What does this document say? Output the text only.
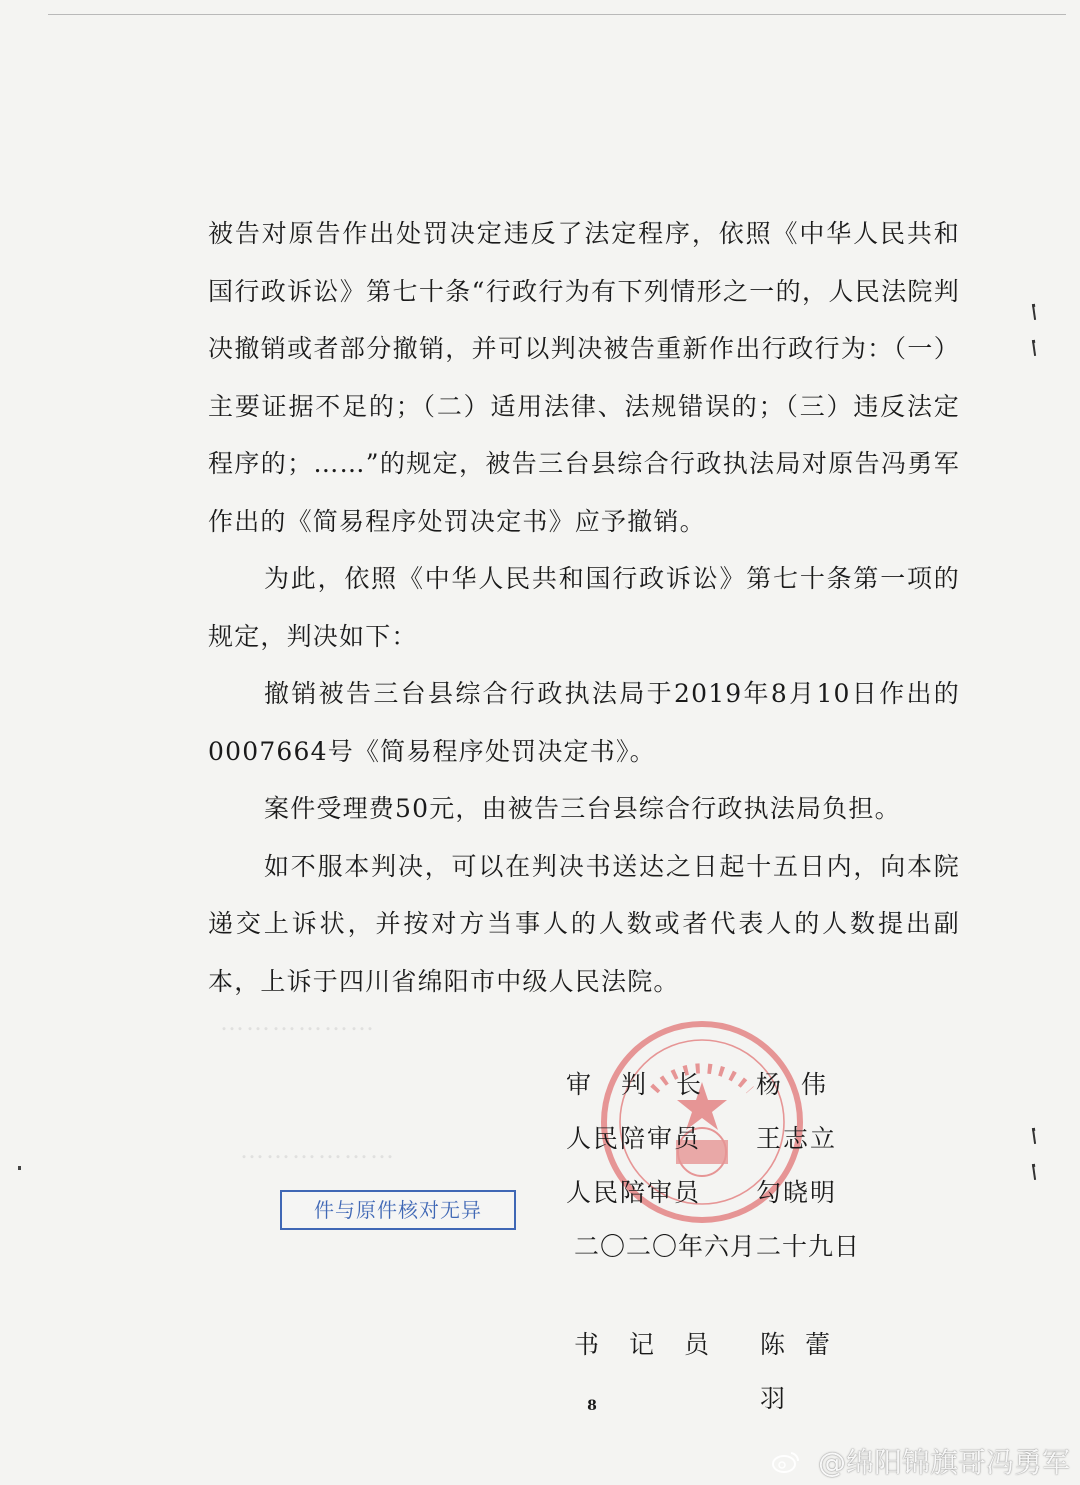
………………
………………

被告对原告作出处罚决定违反了法定程序，依照《中华人民共和国行政诉讼》第七十条“行政行为有下列情形之一的，人民法院判决撤销或者部分撤销，并可以判决被告重新作出行政行为：（一）主要证据不足的；（二）适用法律、法规错误的；（三）违反法定程序的；……”的规定，被告三台县综合行政执法局对原告冯勇军作出的《简易程序处罚决定书》应予撤销。

为此，依照《中华人民共和国行政诉讼》第七十条第一项的规定，判决如下：

撤销被告三台县综合行政执法局于2019年8月10日作出的0007664号《简易程序处罚决定书》。

案件受理费50元，由被告三台县综合行政执法局负担。

如不服本判决，可以在判决书送达之日起十五日内，向本院递交上诉状，并按对方当事人的人数或者代表人的人数提出副本，上诉于四川省绵阳市中级人民法院。

审判长 杨伟
人民陪审员 王志立
人民陪审员 勾晓明
二〇二〇年六月二十九日
书记员 陈蕾羽
件与原件核对无异
8
@绵阳锦旗哥冯勇军
